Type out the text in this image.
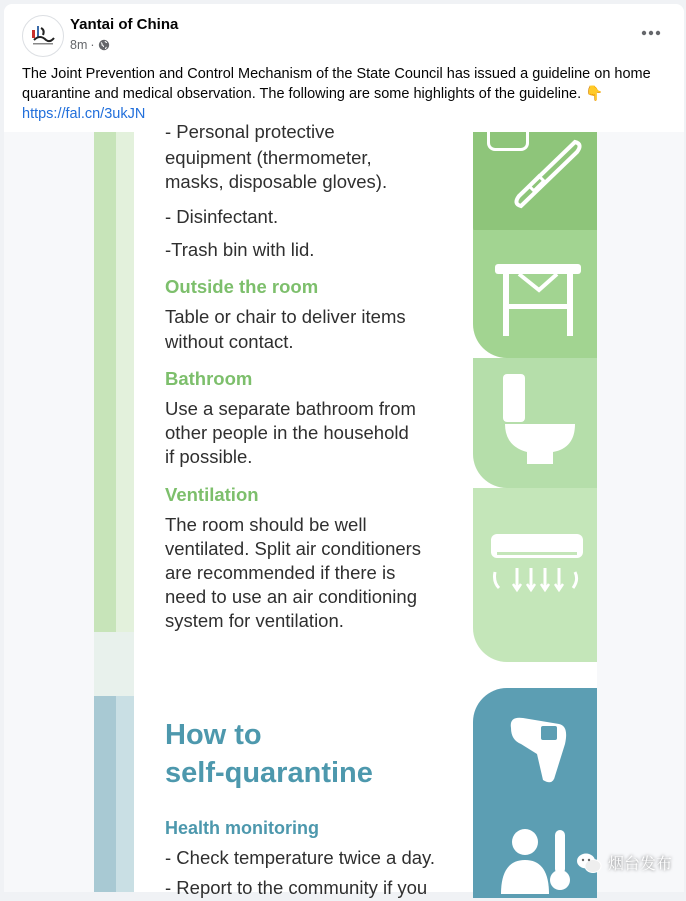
Yantai of China
8m ·
The Joint Prevention and Control Mechanism of the State Council has issued a guideline on home quarantine and medical observation. The following are some highlights of the guideline. 👇
https://fal.cn/3ukJN
- Personal protective
equipment (thermometer,
masks, disposable gloves).
- Disinfectant.
-Trash bin with lid.
Outside the room
Table or chair to deliver items
without contact.
Bathroom
Use a separate bathroom from
other people in the household
if possible.
Ventilation
The room should be well
ventilated. Split air conditioners
are recommended if there is
need to use an air conditioning
system for ventilation.
How to
self-quarantine
Health monitoring
- Check temperature twice a day.
- Report to the community if you
烟台发布
